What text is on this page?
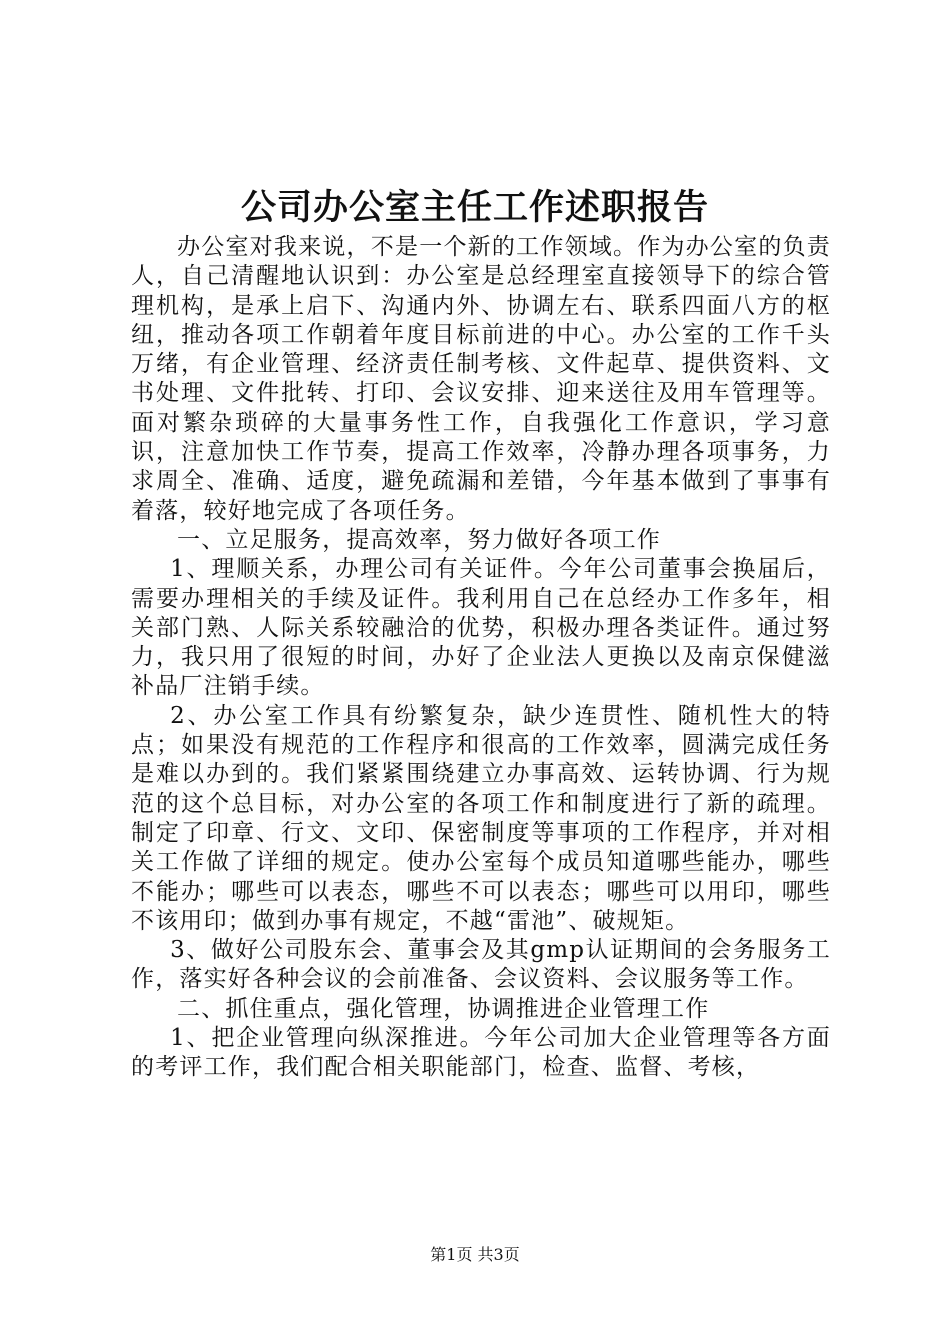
公司办公室主任工作述职报告

办公室对我来说，不是一个新的工作领域。作为办公室的负责人，自己清醒地认识到：办公室是总经理室直接领导下的综合管理机构，是承上启下、沟通内外、协调左右、联系四面八方的枢纽，推动各项工作朝着年度目标前进的中心。办公室的工作千头万绪，有企业管理、经济责任制考核、文件起草、提供资料、文书处理、文件批转、打印、会议安排、迎来送往及用车管理等。面对繁杂琐碎的大量事务性工作，自我强化工作意识，学习意识，注意加快工作节奏，提高工作效率，冷静办理各项事务，力求周全、准确、适度，避免疏漏和差错，今年基本做到了事事有着落，较好地完成了各项任务。

一、立足服务，提高效率，努力做好各项工作

1、理顺关系，办理公司有关证件。今年公司董事会换届后，需要办理相关的手续及证件。我利用自己在总经办工作多年，相关部门熟、人际关系较融洽的优势，积极办理各类证件。通过努力，我只用了很短的时间，办好了企业法人更换以及南京保健滋补品厂注销手续。

2、办公室工作具有纷繁复杂，缺少连贯性、随机性大的特点；如果没有规范的工作程序和很高的工作效率，圆满完成任务是难以办到的。我们紧紧围绕建立办事高效、运转协调、行为规范的这个总目标，对办公室的各项工作和制度进行了新的疏理。制定了印章、行文、文印、保密制度等事项的工作程序，并对相关工作做了详细的规定。使办公室每个成员知道哪些能办，哪些不能办；哪些可以表态，哪些不可以表态；哪些可以用印，哪些不该用印；做到办事有规定，不越“雷池”、破规矩。

3、做好公司股东会、董事会及其gmp认证期间的会务服务工作，落实好各种会议的会前准备、会议资料、会议服务等工作。

二、抓住重点，强化管理，协调推进企业管理工作

1、把企业管理向纵深推进。今年公司加大企业管理等各方面的考评工作，我们配合相关职能部门，检查、监督、考核，

第1页 共3页
